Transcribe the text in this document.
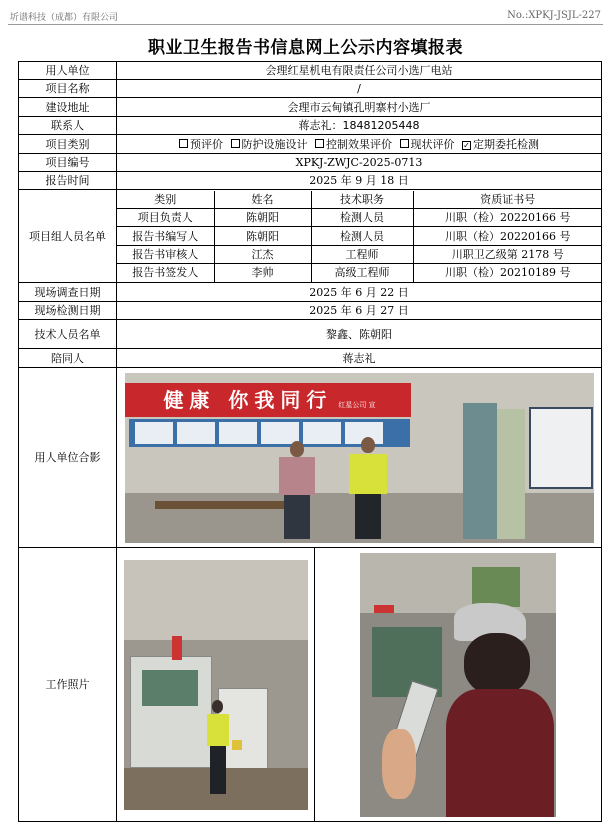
圻谱科技（成都）有限公司	No.:XPKJ-JSJL-227
职业卫生报告书信息网上公示内容填报表
用人单位	会理红星机电有限责任公司小选厂电站
项目名称	/
建设地址	会理市云甸镇孔明寨村小选厂
联系人	蒋志礼：18481205448
项目类别	预评价 防护设施设计 控制效果评价 现状评价 ✓ 定期委托检测
项目编号	XPKJ-ZWJC-2025-0713
报告时间	2025 年 9 月 18 日
项目组人员名单	
类别	姓名	技术职务	资质证书号
项目负责人	陈朝阳	检测人员	川职（检）20220166 号
报告书编写人	陈朝阳	检测人员	川职（检）20220166 号
报告书审核人	江杰	工程师	川职卫乙级第 2178 号
报告书签发人	李帅	高级工程师	川职（检）20210189 号

现场调查日期	2025 年 6 月 22 日
现场检测日期	2025 年 6 月 27 日
技术人员名单	黎鑫、陈朝阳
陪同人	蒋志礼
用人单位合影	
健康 你我同行 红星公司 宣

工作照片	
